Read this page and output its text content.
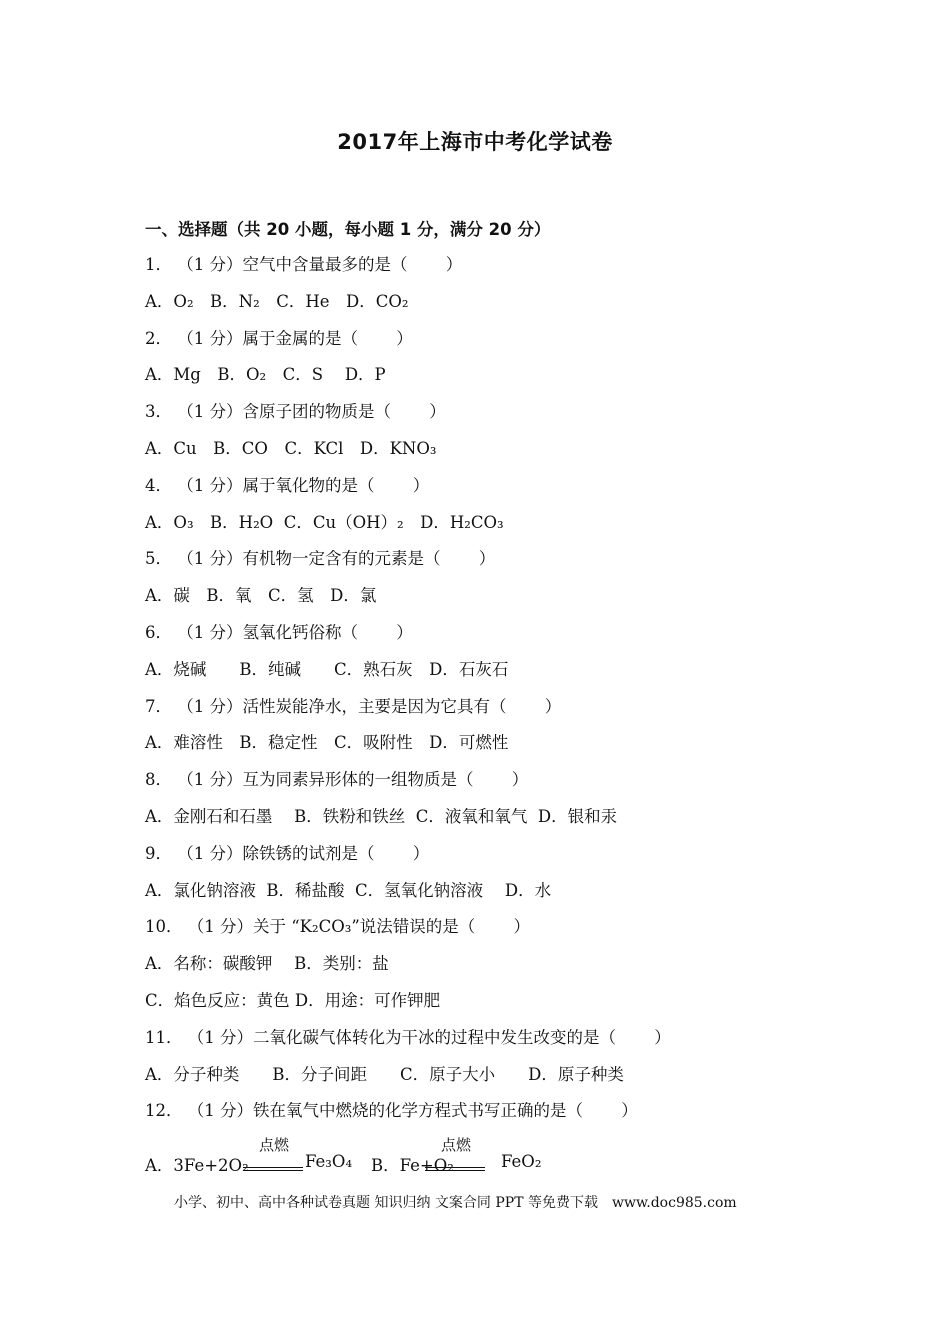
2017年上海市中考化学试卷
一、选择题（共 20 小题，每小题 1 分，满分 20 分）
1． （1 分）空气中含量最多的是（　　 ）
A．O₂　B．N₂　C．He　D．CO₂
2． （1 分）属于金属的是（　　 ）
A．Mg　B．O₂　C．S　 D．P
3． （1 分）含原子团的物质是（　　 ）
A．Cu　B．CO　C．KCl　D．KNO₃
4． （1 分）属于氧化物的是（　　 ）
A．O₃　B．H₂O  C．Cu（OH）₂　D．H₂CO₃
5． （1 分）有机物一定含有的元素是（　　 ）
A．碳　B．氧　C．氢　D．氯
6． （1 分）氢氧化钙俗称（　　 ）
A．烧碱　　B．纯碱　　C．熟石灰　D．石灰石
7． （1 分）活性炭能净水，主要是因为它具有（　　 ）
A．难溶性　B．稳定性　C．吸附性　D．可燃性
8． （1 分）互为同素异形体的一组物质是（　　 ）
A．金刚石和石墨　 B．铁粉和铁丝  C．液氧和氧气  D．银和汞
9． （1 分）除铁锈的试剂是（　　 ）
A．氯化钠溶液  B．稀盐酸  C．氢氧化钠溶液　 D．水
10． （1 分）关于 “K₂CO₃”说法错误的是（　　 ）
A．名称：碳酸钾　 B．类别：盐
C．焰色反应：黄色 D．用途：可作钾肥
11． （1 分）二氧化碳气体转化为干冰的过程中发生改变的是（　　 ）
A．分子种类　　B．分子间距　　C．原子大小　　D．原子种类
12． （1 分）铁在氧气中燃烧的化学方程式书写正确的是（　　 ）
A．3Fe+2O₂
点燃
Fe₃O₄ B．Fe+O₂
点燃
FeO₂
小学、初中、高中各种试卷真题 知识归纳 文案合同 PPT 等免费下载　www.doc985.com
